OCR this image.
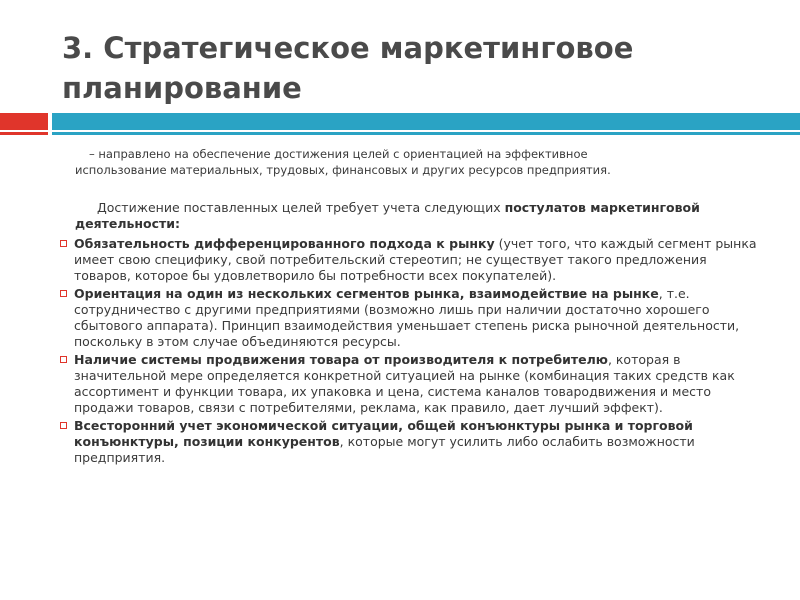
3. Стратегическое маркетинговое планирование
– направлено на обеспечение достижения целей с ориентацией на эффективное
использование материальных, трудовых, финансовых и других ресурсов предприятия.
Достижение поставленных целей требует учета следующих постулатов маркетинговой деятельности:
Обязательность дифференцированного подхода к рынку (учет того, что каждый сегмент рынка имеет свою специфику, свой потребительский стереотип; не существует такого предложения товаров, которое бы удовлетворило бы потребности всех покупателей).
Ориентация на один из нескольких сегментов рынка, взаимодействие на рынке, т.е. сотрудничество с другими предприятиями (возможно лишь при наличии достаточно хорошего сбытового аппарата). Принцип взаимодействия уменьшает степень риска рыночной деятельности, поскольку в этом случае объединяются ресурсы.
Наличие системы продвижения товара от производителя к потребителю, которая в значительной мере определяется конкретной ситуацией на рынке (комбинация таких средств как ассортимент и функции товара, их упаковка и цена, система каналов товародвижения и место продажи товаров, связи с потребителями, реклама, как правило, дает лучший эффект).
Всесторонний учет экономической ситуации, общей конъюнктуры рынка и торговой конъюнктуры, позиции конкурентов, которые могут усилить либо ослабить возможности предприятия.
